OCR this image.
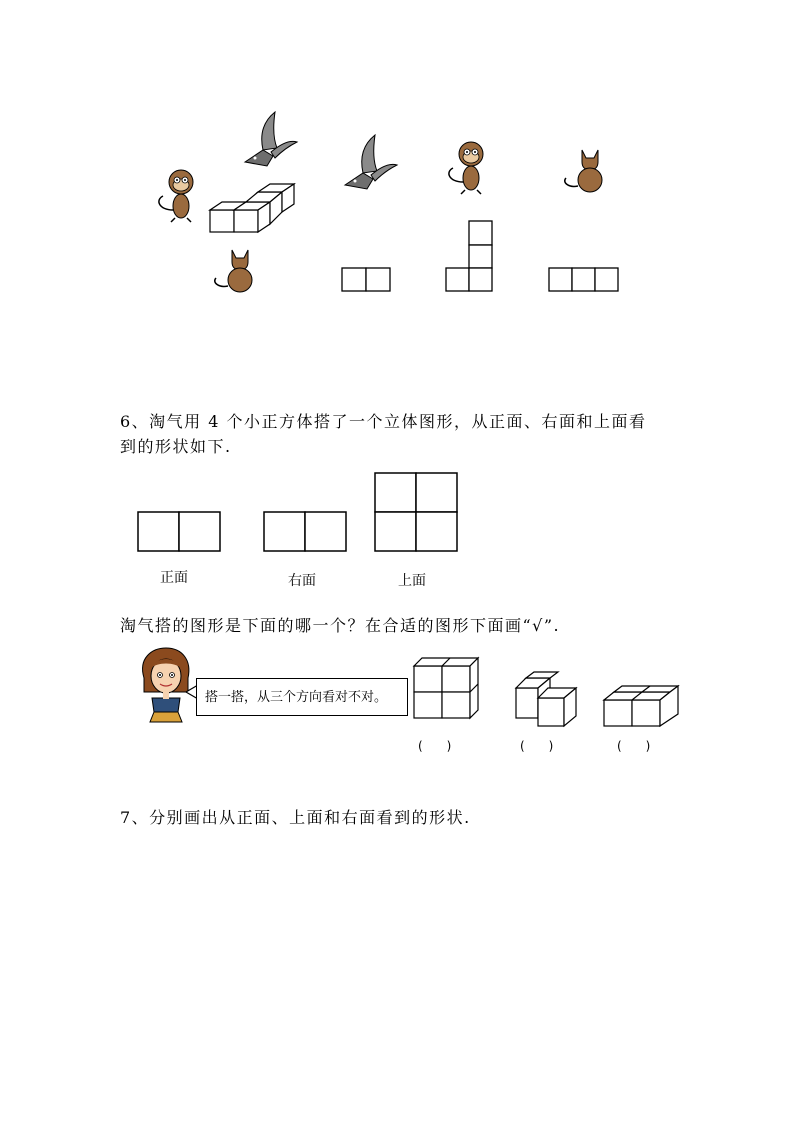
6、淘气用 4 个小正方体搭了一个立体图形，从正面、右面和上面看
到的形状如下.
正面	右面	上面
淘气搭的图形是下面的哪一个？在合适的图形下面画“√”.
搭一搭，从三个方向看对不对。
(　　)	(　　)	(　　)
7、分别画出从正面、上面和右面看到的形状.
